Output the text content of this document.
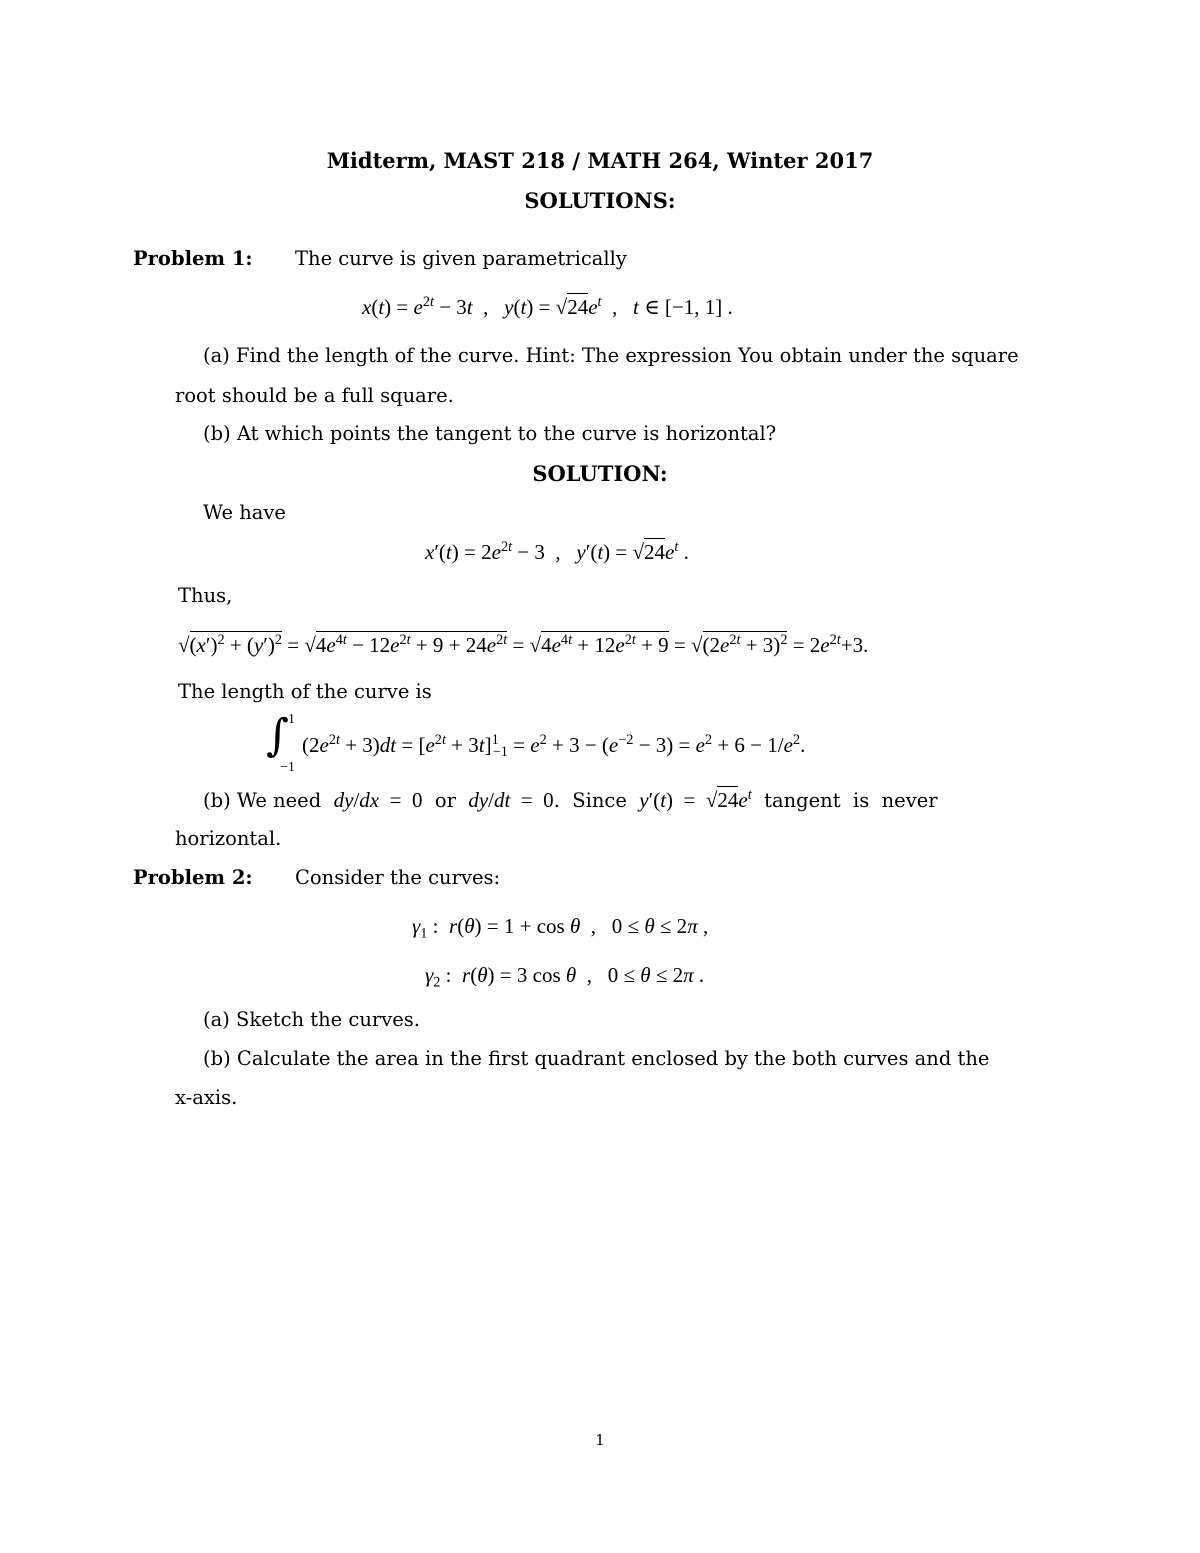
Midterm, MAST 218 / MATH 264, Winter 2017
SOLUTIONS:
Problem 1: The curve is given parametrically
$x(t) = e^{2t} - 3t$  ,   $y(t) = √24e^t$  ,   t ∈ [−1, 1] .
(a) Find the length of the curve. Hint: The expression You obtain under the square
root should be a full square.
(b) At which points the tangent to the curve is horizontal?
SOLUTION:
We have
$x'(t) = 2e^{2t} - 3$  ,   $y'(t) = √24e^t$ .
Thus,
$√(x')^2 + (y')^2 = √4e^{4t} - 12e^{2t} + 9 + 24e^{2t} = √4e^{4t} + 12e^{2t} + 9 = √(2e^{2t} + 3)^2 = 2e^{2t}+3$.
The length of the curve is
∫ 1
−1
$(2e^{2t} + 3)dt = [e^{2t} + 3t]^1_{-1} = e^2 + 3 - (e^{-2} - 3) = e^2 + 6 - 1/e^2$.
(b) We need  dy/dx  =  0  or  dy/dt  =  0.  Since  $y'(t) = √24e^t$  tangent  is  never
horizontal.
Problem 2: Consider the curves:
$\gamma_1$ :  r(θ) = 1 + cos θ  ,   0 ≤ θ ≤ 2π ,
$\gamma_2$ :  r(θ) = 3 cos θ  ,   0 ≤ θ ≤ 2π .
(a) Sketch the curves.
(b) Calculate the area in the first quadrant enclosed by the both curves and the
x-axis.
1
